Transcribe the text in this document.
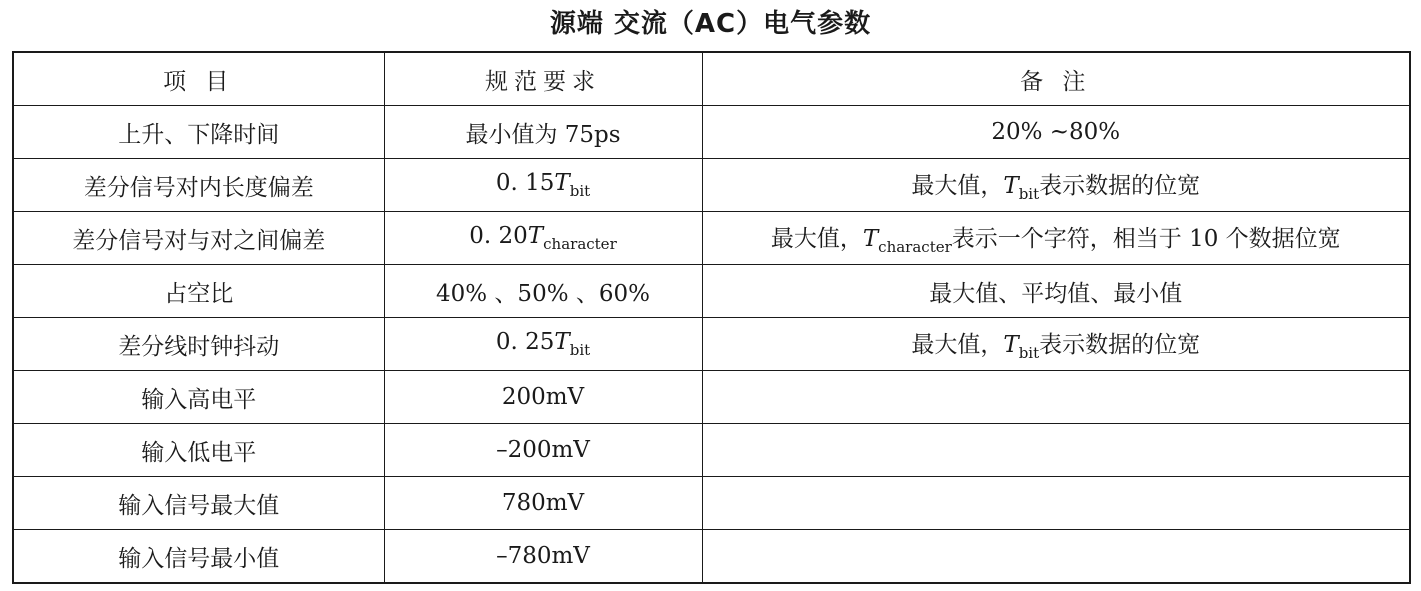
源端 交流（AC）电气参数
项 目	规范要求	备 注
上升、下降时间	最小值为 75ps	20% ~80%
差分信号对内长度偏差	0. $15T_{bit}$	最大值，$T_{bit}$表示数据的位宽
差分信号对与对之间偏差	0. $20T_{character}$	最大值，$T_{character}$表示一个字符，相当于 10 个数据位宽
占空比	40% 、50% 、60%	最大值、平均值、最小值
差分线时钟抖动	0. $25T_{bit}$	最大值，$T_{bit}$表示数据的位宽
输入高电平	200mV	
输入低电平	–200mV	
输入信号最大值	780mV	
输入信号最小值	–780mV	
